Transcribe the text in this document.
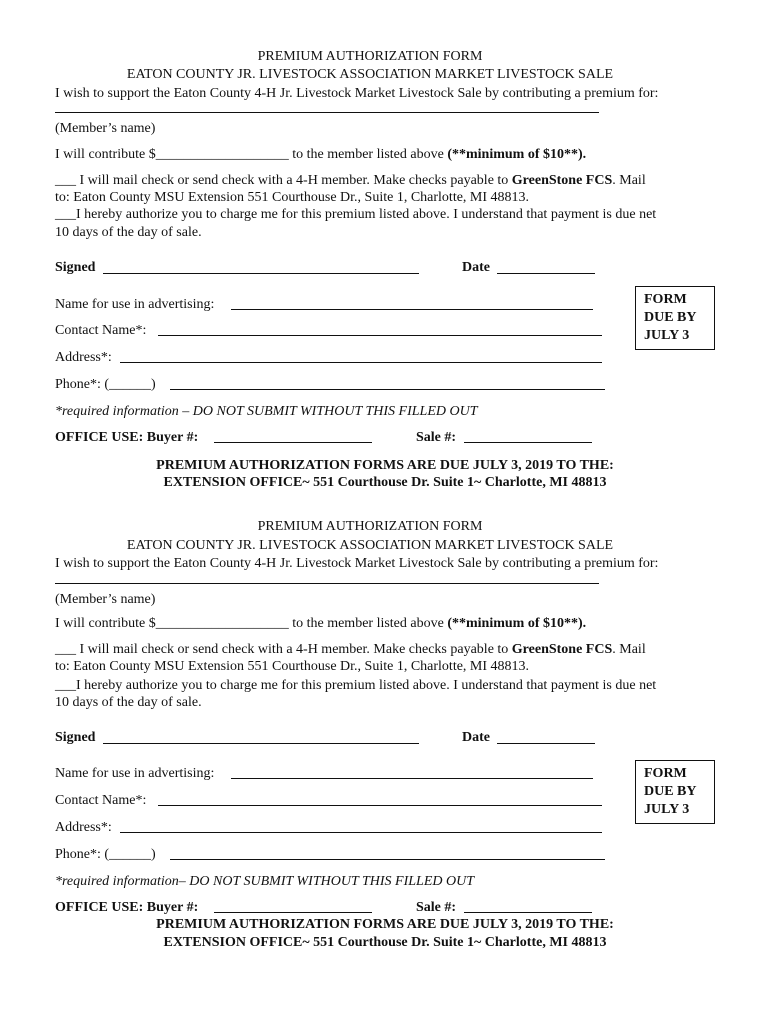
PREMIUM AUTHORIZATION FORM
EATON COUNTY JR. LIVESTOCK ASSOCIATION MARKET LIVESTOCK SALE
I wish to support the Eaton County 4-H Jr. Livestock Market Livestock Sale by contributing a premium for:
(Member’s name)
I will contribute $___________________ to the member listed above (**minimum of $10**).
___ I will mail check or send check with a 4-H member. Make checks payable to GreenStone FCS. Mail
to: Eaton County MSU Extension 551 Courthouse Dr., Suite 1, Charlotte, MI 48813.
___I hereby authorize you to charge me for this premium listed above. I understand that payment is due net
10 days of the day of sale.
Signed	Date
Name for use in advertising:
Contact Name*:
Address*:
Phone*: (______)
FORM
DUE BY
JULY 3
*required information – DO NOT SUBMIT WITHOUT THIS FILLED OUT
OFFICE USE: Buyer #:	Sale #:
PREMIUM AUTHORIZATION FORMS ARE DUE JULY 3, 2019 TO THE:
EXTENSION OFFICE~ 551 Courthouse Dr. Suite 1~ Charlotte, MI 48813
PREMIUM AUTHORIZATION FORM
EATON COUNTY JR. LIVESTOCK ASSOCIATION MARKET LIVESTOCK SALE
I wish to support the Eaton County 4-H Jr. Livestock Market Livestock Sale by contributing a premium for:
(Member’s name)
I will contribute $___________________ to the member listed above (**minimum of $10**).
___ I will mail check or send check with a 4-H member. Make checks payable to GreenStone FCS. Mail
to: Eaton County MSU Extension 551 Courthouse Dr., Suite 1, Charlotte, MI 48813.
___I hereby authorize you to charge me for this premium listed above. I understand that payment is due net
10 days of the day of sale.
Signed	Date
Name for use in advertising:
Contact Name*:
Address*:
Phone*: (______)
FORM
DUE BY
JULY 3
*required information– DO NOT SUBMIT WITHOUT THIS FILLED OUT
OFFICE USE: Buyer #:	Sale #:
PREMIUM AUTHORIZATION FORMS ARE DUE JULY 3, 2019 TO THE:
EXTENSION OFFICE~ 551 Courthouse Dr. Suite 1~ Charlotte, MI 48813
